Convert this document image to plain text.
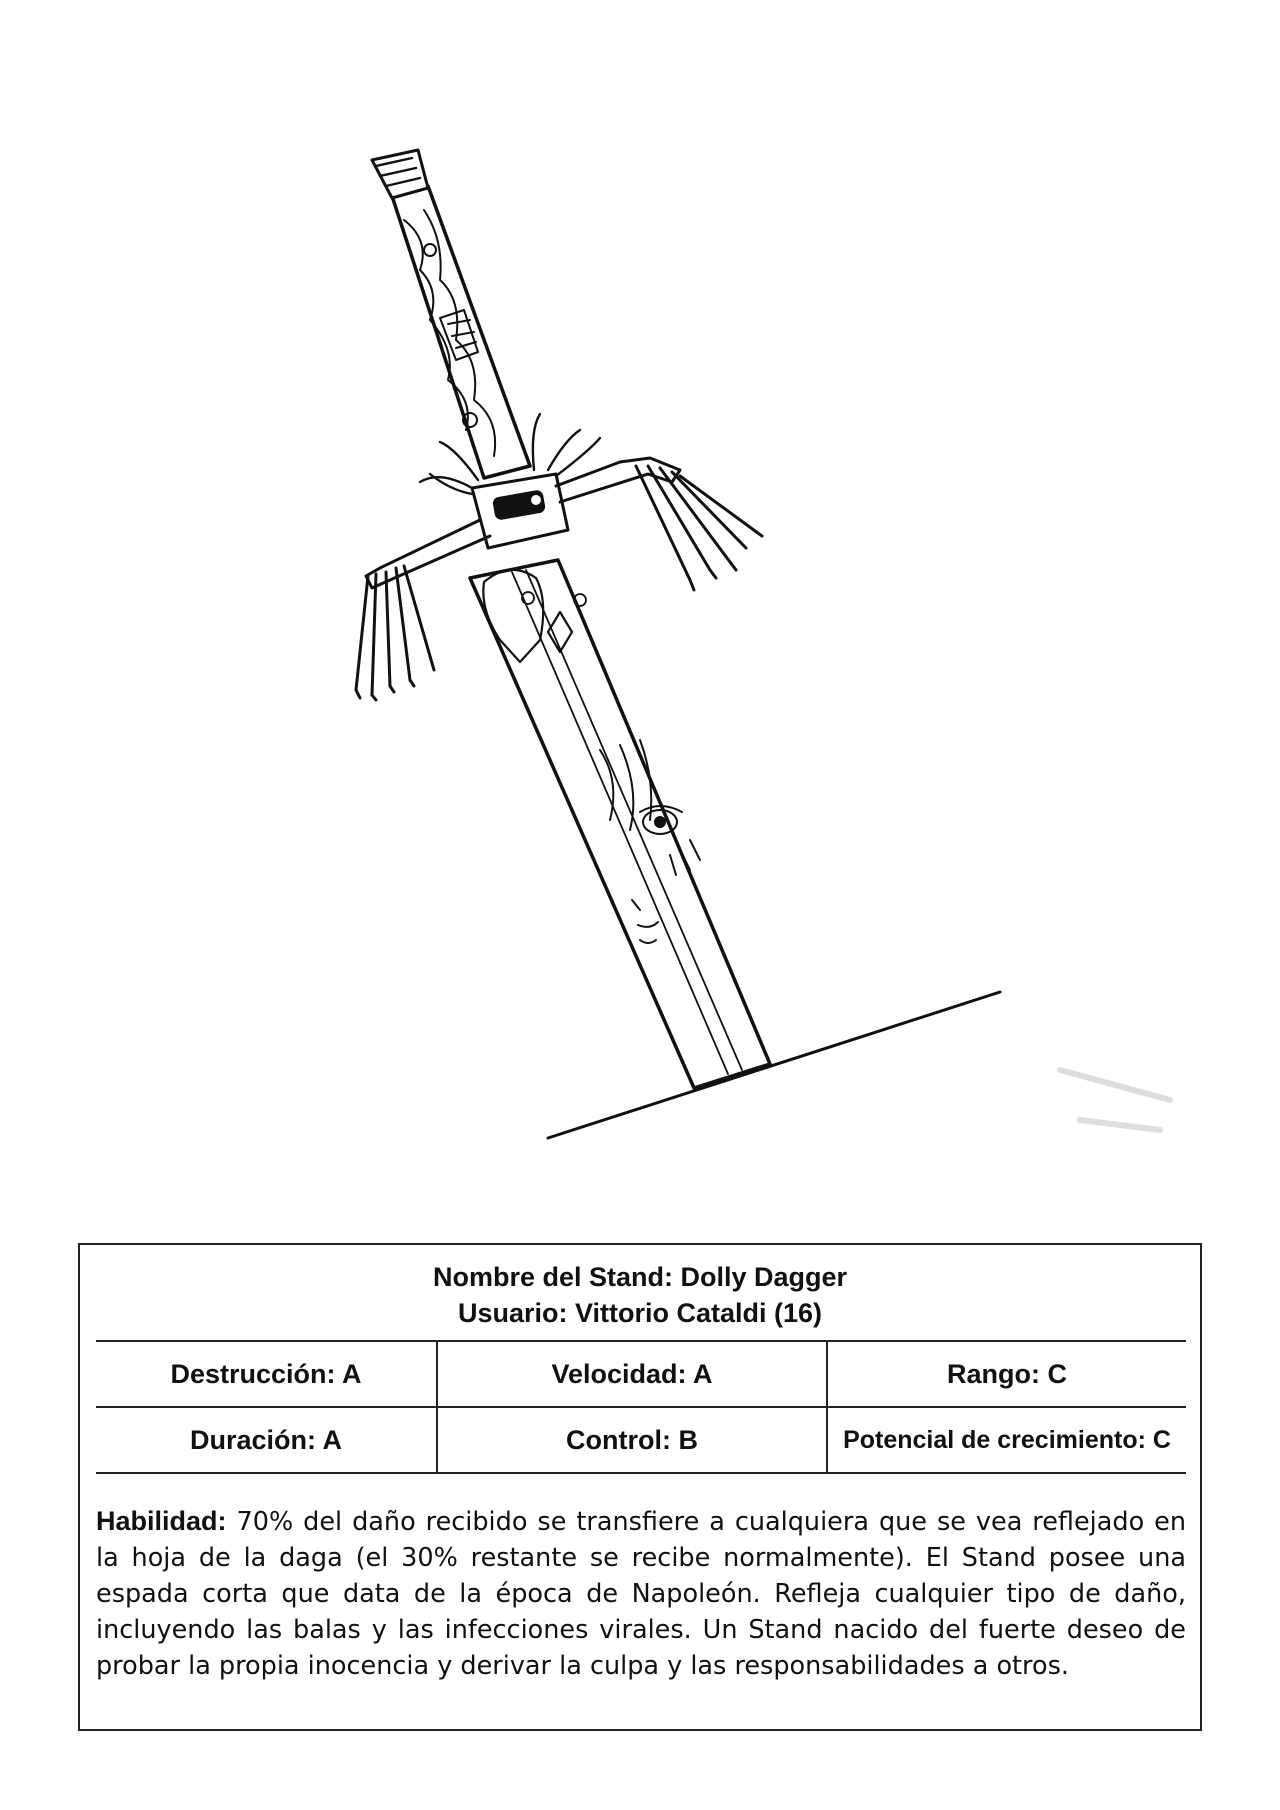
Nombre del Stand: Dolly Dagger
Usuario: Vittorio Cataldi (16)
Destrucción: A	Velocidad: A	Rango: C
Duración: A	Control: B	Potencial de crecimiento: C
Habilidad: 70% del daño recibido se transfiere a cualquiera que se vea reflejado en la hoja de la daga (el 30% restante se recibe normalmente). El Stand posee una espada corta que data de la época de Napoleón. Refleja cualquier tipo de daño, incluyendo las balas y las infecciones virales. Un Stand nacido del fuerte deseo de probar la propia inocencia y derivar la culpa y las responsabilidades a otros.
